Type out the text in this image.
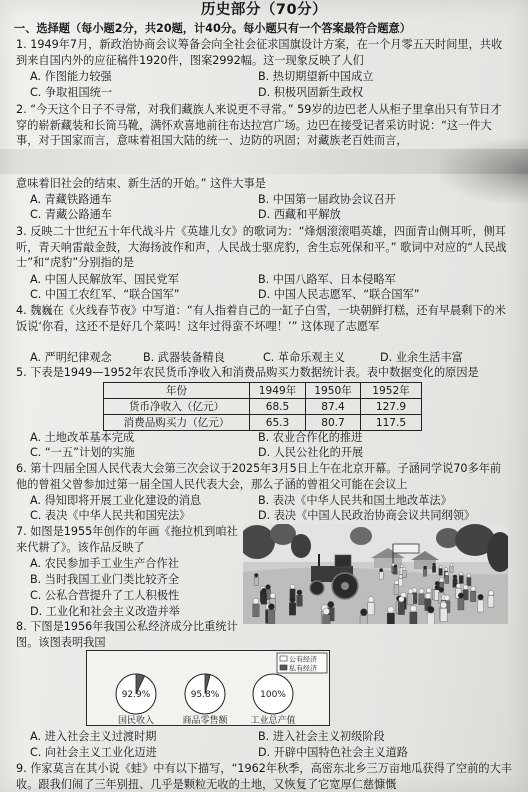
历史部分（70分）
一、选择题（每小题2分，共20题，计40分。每小题只有一个答案最符合题意）
1. 1949年7月，新政治协商会议筹备会向全社会征求国旗设计方案，在一个月零五天时间里，共收到来自国内外的应征稿件1920件，图案2992幅。这一现象反映了人们
A. 作图能力较强	B. 热切期望新中国成立
C. 争取祖国统一	D. 积极巩固新生政权
2. “今天这个日子不寻常，对我们藏族人来说更不寻常。” 59岁的边巴老人从柜子里拿出只有节日才穿的崭新藏装和长筒马靴，满怀欢喜地前往布达拉宫广场。边巴在接受记者采访时说：“这一件大事，对于国家而言，意味着祖国大陆的统一、边防的巩固；对藏族老百姓而言，
意味着旧社会的结束、新生活的开始。” 这件大事是
A. 青藏铁路通车	B. 中国第一届政协会议召开
C. 青藏公路通车	D. 西藏和平解放
3. 反映二十世纪五十年代战斗片《英雄儿女》的歌词为：“烽烟滚滚唱英雄，四面青山侧耳听，侧耳听，青天响雷敲金鼓，大海扬波作和声，人民战士驱虎豹，舍生忘死保和平。” 歌词中对应的“人民战士”和“虎豹”分别指的是
A. 中国人民解放军、国民党军	B. 中国八路军、日本侵略军
C. 中国工农红军、“联合国军”	D. 中国人民志愿军、“联合国军”
4. 魏巍在《火线春节夜》中写道：“有人指着自己的一缸子白雪，一块朝鲜打糕，还有早晨剩下的米饭说‘你看，这还不是好几个菜吗！这年过得蛮不坏哩！’” 这体现了志愿军
A. 严明纪律观念	B. 武器装备精良	C. 革命乐观主义	D. 业余生活丰富
5. 下表是1949—1952年农民货币净收入和消费品购买力数据统计表。表中数据变化的原因是
年份	1949年	1950年	1952年
货币净收入（亿元）	68.5	87.4	127.9
消费品购买力（亿元）	65.3	80.7	117.5
A. 土地改革基本完成	B. 农业合作化的推进
C. “一五”计划的实施	D. 人民公社化的开展
6. 第十四届全国人民代表大会第三次会议于2025年3月5日上午在北京开幕。子涵同学说70多年前他的曾祖父曾参加过第一届全国人民代表大会，那么子涵的曾祖父可能在会议上
A. 得知即将开展工业化建设的消息	B. 表决《中华人民共和国土地改革法》
C. 表决《中华人民共和国宪法》	D. 表决《中国人民政治协商会议共同纲领》
7. 如图是1955年创作的年画《拖拉机到咱社来代耕了》。该作品反映了
A. 农民参加手工业生产合作社
B. 当时我国工业门类比较齐全
C. 公私合营提升了工人积极性
D. 工业化和社会主义改造并举
8. 下图是1956年我国公私经济成分比重统计图。该图表明我国
92.9%	95.8%	100%
国民收入	商品零售额	工业总产值
公有经济
私有经济
A. 进入社会主义过渡时期	B. 进入社会主义初级阶段
C. 向社会主义工业化迈进	D. 开辟中国特色社会主义道路
9. 作家莫言在其小说《蛙》中有以下描写，“1962年秋季，高密东北乡三万亩地瓜获得了空前的大丰收。跟我们闹了三年别扭、几乎是颗粒无收的土地，又恢复了它宽厚仁慈慷慨
